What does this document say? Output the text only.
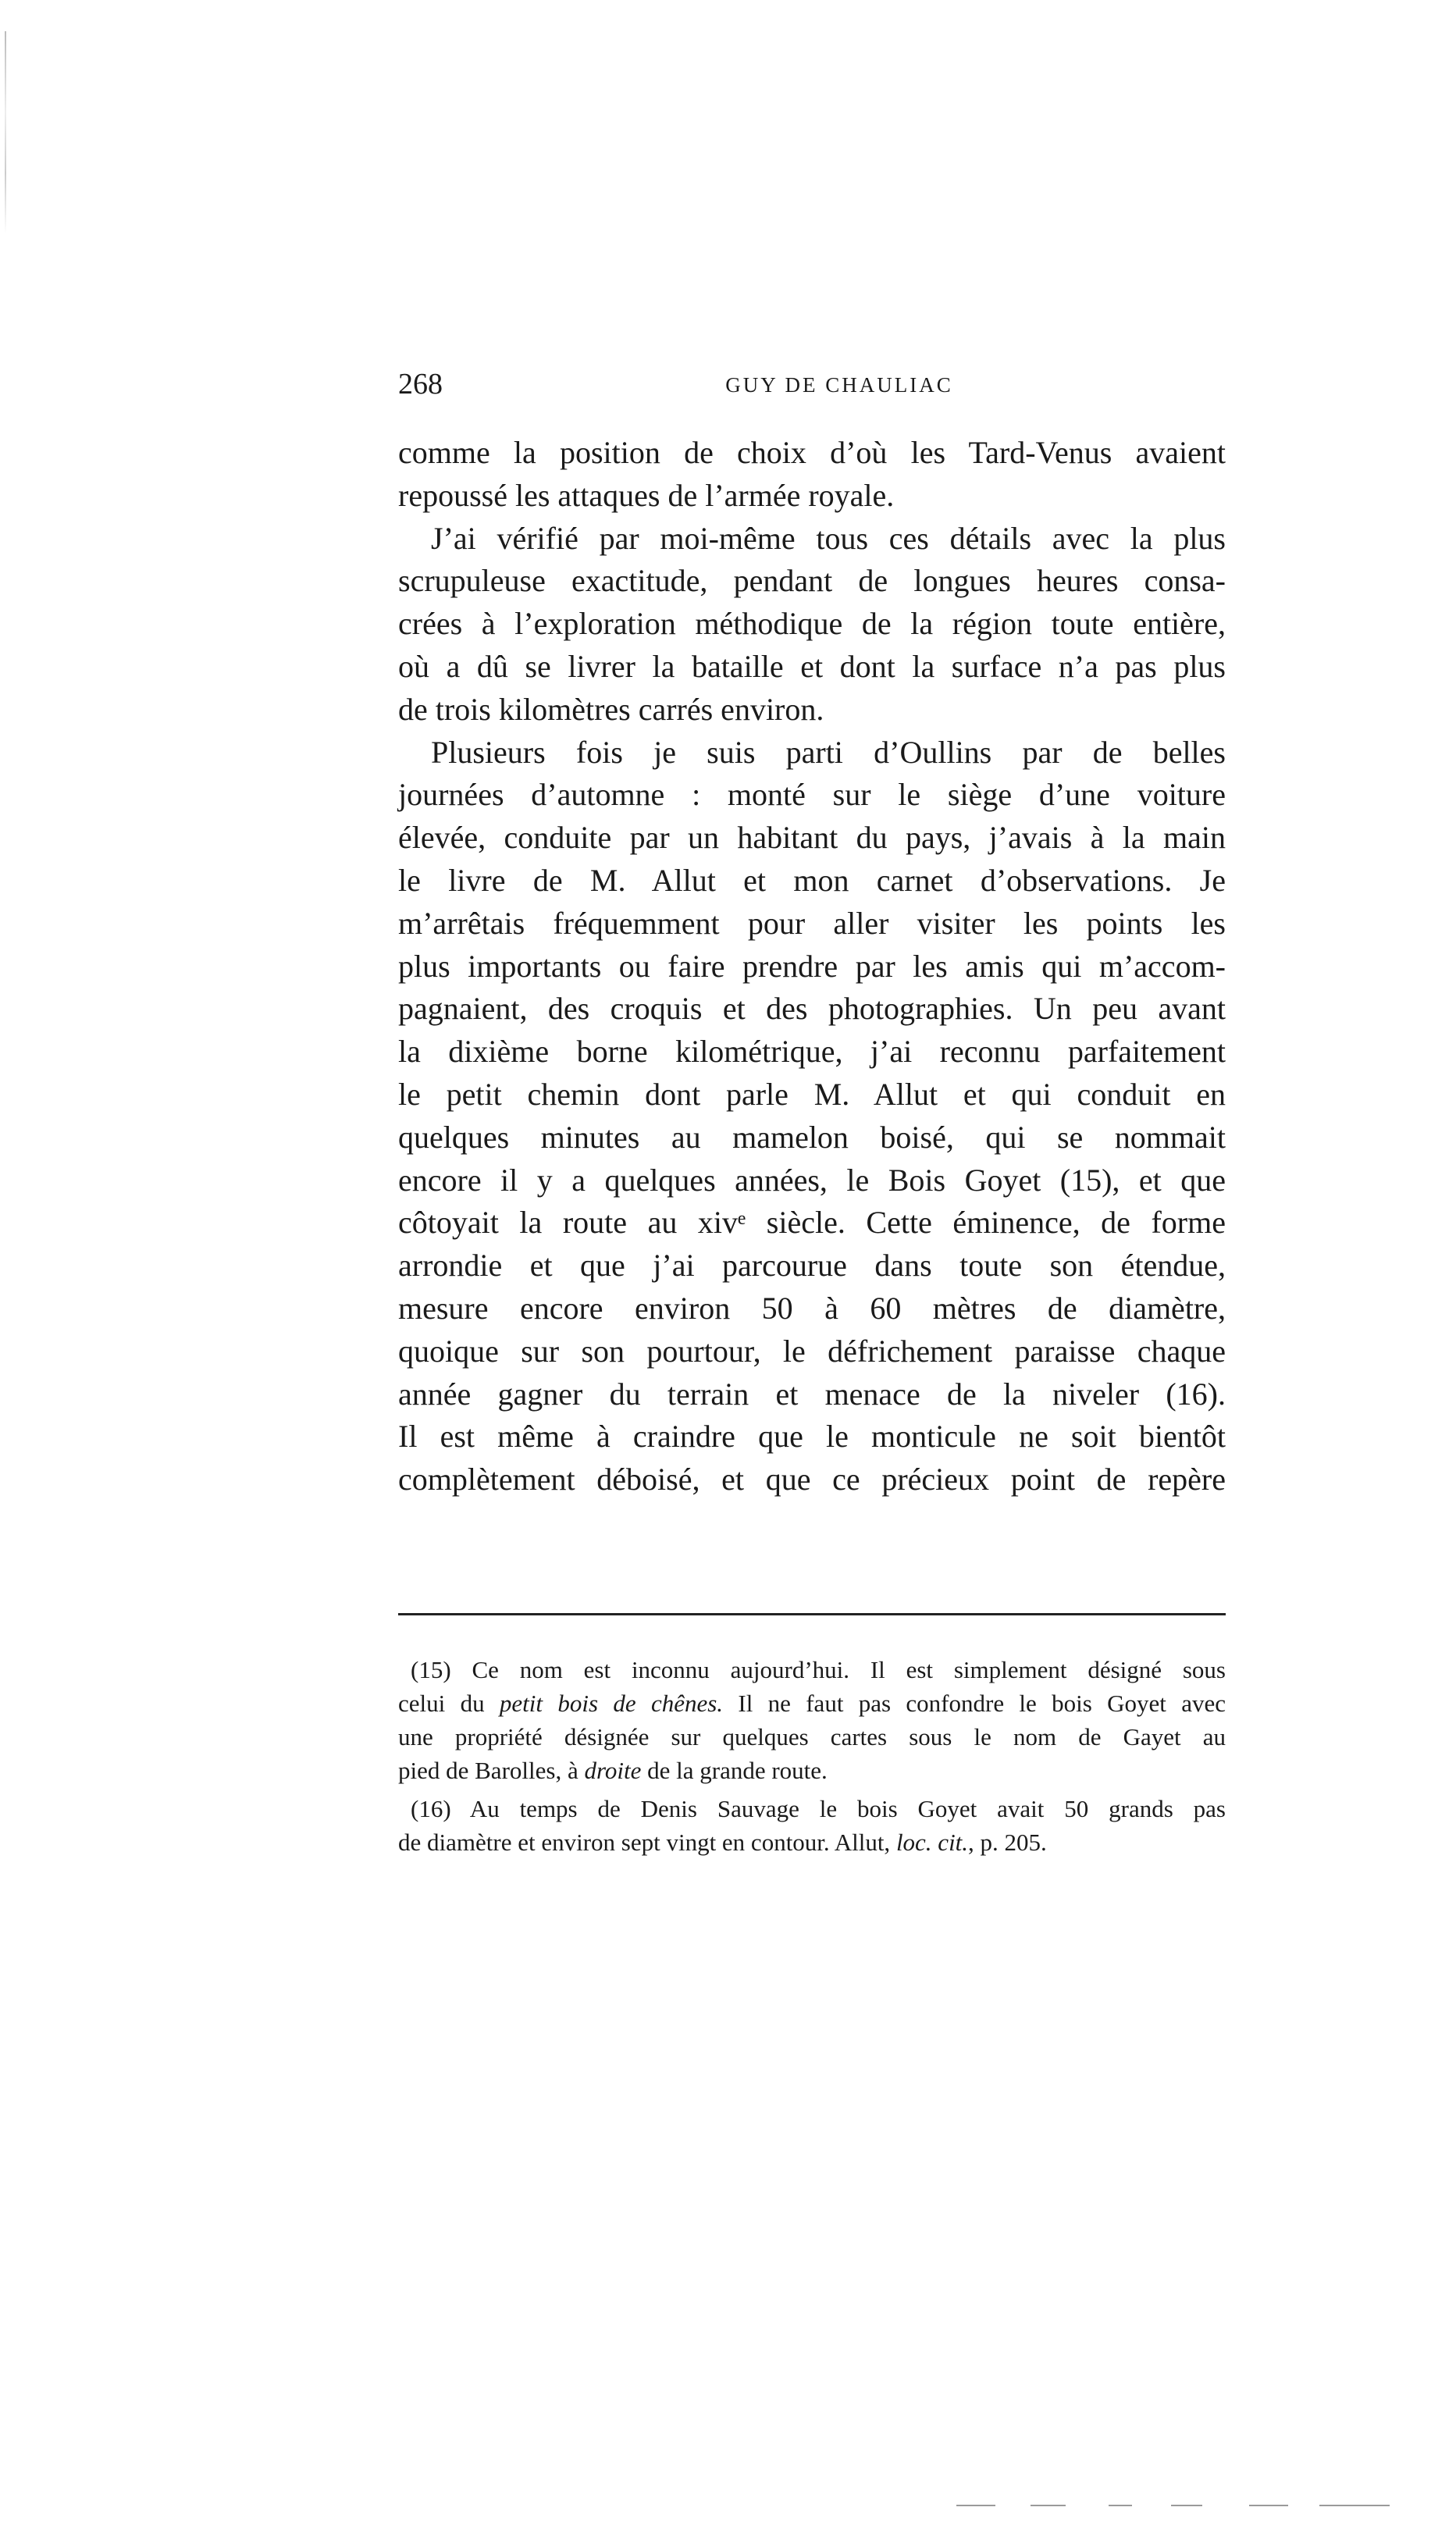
268	GUY DE CHAULIAC
comme la position de choix d’où les Tard-Venus avaient
repoussé les attaques de l’armée royale.
J’ai vérifié par moi-même tous ces détails avec la plus
scrupuleuse exactitude, pendant de longues heures consa-
crées à l’exploration méthodique de la région toute entière,
où a dû se livrer la bataille et dont la surface n’a pas plus
de trois kilomètres carrés environ.
Plusieurs fois je suis parti d’Oullins par de belles
journées d’automne : monté sur le siège d’une voiture
élevée, conduite par un habitant du pays, j’avais à la main
le livre de M. Allut et mon carnet d’observations. Je
m’arrêtais fréquemment pour aller visiter les points les
plus importants ou faire prendre par les amis qui m’accom-
pagnaient, des croquis et des photographies. Un peu avant
la dixième borne kilométrique, j’ai reconnu parfaitement
le petit chemin dont parle M. Allut et qui conduit en
quelques minutes au mamelon boisé, qui se nommait
encore il y a quelques années, le Bois Goyet (15), et que
côtoyait la route au xivᵉ siècle. Cette éminence, de forme
arrondie et que j’ai parcourue dans toute son étendue,
mesure encore environ 50 à 60 mètres de diamètre,
quoique sur son pourtour, le défrichement paraisse chaque
année gagner du terrain et menace de la niveler (16).
Il est même à craindre que le monticule ne soit bientôt
complètement déboisé, et que ce précieux point de repère
(15) Ce nom est inconnu aujourd’hui. Il est simplement désigné sous
celui du petit bois de chênes. Il ne faut pas confondre le bois Goyet avec
une propriété désignée sur quelques cartes sous le nom de Gayet au
pied de Barolles, à droite de la grande route.
(16) Au temps de Denis Sauvage le bois Goyet avait 50 grands pas
de diamètre et environ sept vingt en contour. Allut, loc. cit., p. 205.
